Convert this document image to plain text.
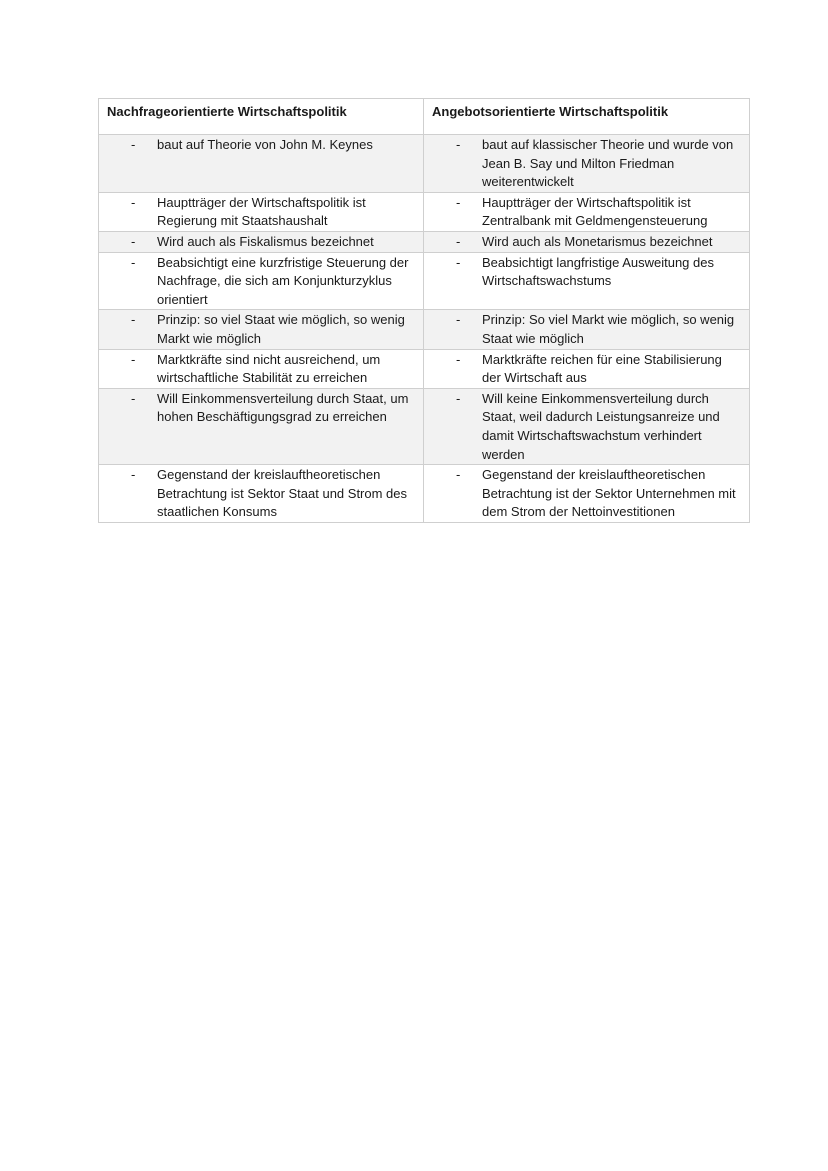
Nachfrageorientierte Wirtschaftspolitik	Angebotsorientierte Wirtschaftspolitik

- baut auf Theorie von John M. Keynes	- baut auf klassischer Theorie und wurde von Jean B. Say und Milton Friedman weiterentwickelt

- Hauptträger der Wirtschaftspolitik ist Regierung mit Staatshaushalt	- Hauptträger der Wirtschaftspolitik ist Zentralbank mit Geldmengensteuerung

- Wird auch als Fiskalismus bezeichnet	- Wird auch als Monetarismus bezeichnet

- Beabsichtigt eine kurzfristige Steuerung der Nachfrage, die sich am Konjunkturzyklus orientiert	- Beabsichtigt langfristige Ausweitung des Wirtschaftswachstums

- Prinzip: so viel Staat wie möglich, so wenig Markt wie möglich	- Prinzip: So viel Markt wie möglich, so wenig Staat wie möglich

- Marktkräfte sind nicht ausreichend, um wirtschaftliche Stabilität zu erreichen	- Marktkräfte reichen für eine Stabilisierung der Wirtschaft aus

- Will Einkommensverteilung durch Staat, um hohen Beschäftigungsgrad zu erreichen	- Will keine Einkommensverteilung durch Staat, weil dadurch Leistungsanreize und damit Wirtschaftswachstum verhindert werden

- Gegenstand der kreislauftheoretischen Betrachtung ist Sektor Staat und Strom des staatlichen Konsums	- Gegenstand der kreislauftheoretischen Betrachtung ist der Sektor Unternehmen mit dem Strom der Nettoinvestitionen
